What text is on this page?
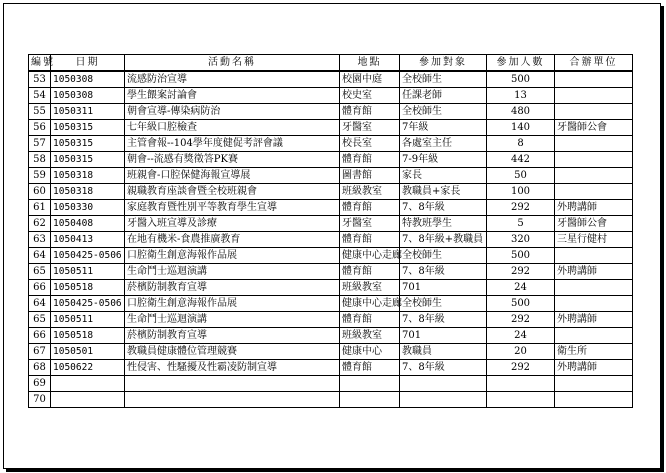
編號	日期	活動名稱	地點	參加對象	參加人數	合辦單位
53	1050308	流感防治宣導	校園中庭	全校師生	500	
54	1050308	學生餵案討論會	校史室	任課老師	13	
55	1050311	朝會宣導-傳染病防治	體育館	全校師生	480	
56	1050315	七年級口腔檢查	牙醫室	7年級	140	牙醫師公會
57	1050315	主管會報--104學年度健促考評會議	校長室	各處室主任	8	
58	1050315	朝會--流感有獎徵答PK賽	體育館	7-9年級	442	
59	1050318	班親會-口腔保健海報宣導展	圖書館	家長	50	
60	1050318	親職教育座談會暨全校班親會	班級教室	教職員+家長	100	
61	1050330	家庭教育暨性別平等教育學生宣導	體育館	7、8年級	292	外聘講師
62	1050408	牙醫入班宣導及診療	牙醫室	特教班學生	5	牙醫師公會
63	1050413	在地有機米-食農推廣教育	體育館	7、8年級+教職員	320	三星行健村
64	1050425-0506	口腔衛生創意海報作品展	健康中心走廊	全校師生	500	
65	1050511	生命鬥士巡迴演講	體育館	7、8年級	292	外聘講師
66	1050518	菸檳防制教育宣導	班級教室	701	24	
64	1050425-0506	口腔衛生創意海報作品展	健康中心走廊	全校師生	500	
65	1050511	生命鬥士巡迴演講	體育館	7、8年級	292	外聘講師
66	1050518	菸檳防制教育宣導	班級教室	701	24	
67	1050501	教職員健康體位管理競賽	健康中心	教職員	20	衛生所
68	1050622	性侵害、性騷擾及性霸凌防制宣導	體育館	7、8年級	292	外聘講師
69						
70						
